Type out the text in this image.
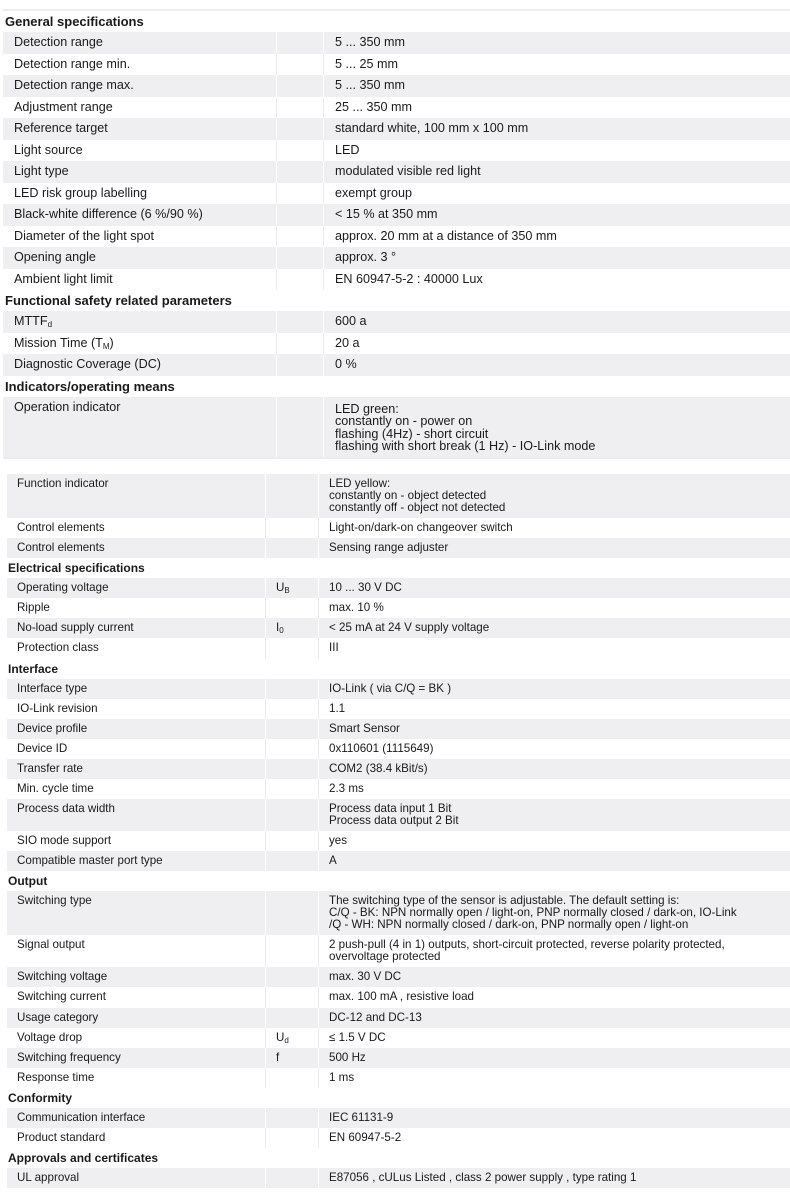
General specifications		
Detection range		5 ... 350 mm

Detection range min.		5 ... 25 mm

Detection range max.		5 ... 350 mm

Adjustment range		25 ... 350 mm

Reference target		standard white, 100 mm x 100 mm

Light source		LED

Light type		modulated visible red light

LED risk group labelling		exempt group

Black-white difference (6 %/90 %)		< 15 % at 350 mm

Diameter of the light spot		approx. 20 mm at a distance of 350 mm

Opening angle		approx. 3 °

Ambient light limit		EN 60947-5-2 : 40000 Lux

Functional safety related parameters		
$MTTF_d$		600 a

Mission Time $(T_M)$		20 a

Diagnostic Coverage (DC)		0 %

Indicators/operating means		
Operation indicator		LED green:
constantly on - power on
flashing (4Hz) - short circuit
flashing with short break (1 Hz) - IO-Link mode
Function indicator		LED yellow:
constantly on - object detected
constantly off - object not detected

Control elements		Light-on/dark-on changeover switch

Control elements		Sensing range adjuster

Electrical specifications		
Operating voltage	$U_B$	10 ... 30 V DC

Ripple		max. 10 %

No-load supply current	$I_0$	< 25 mA at 24 V supply voltage

Protection class		III

Interface		
Interface type		IO-Link ( via C/Q = BK )

IO-Link revision		1.1

Device profile		Smart Sensor

Device ID		0x110601 (1115649)

Transfer rate		COM2 (38.4 kBit/s)

Min. cycle time		2.3 ms

Process data width		Process data input 1 Bit
Process data output 2 Bit

SIO mode support		yes

Compatible master port type		A

Output		
Switching type		The switching type of the sensor is adjustable. The default setting is:
C/Q - BK: NPN normally open / light-on, PNP normally closed / dark-on, IO-Link
/Q - WH: NPN normally closed / dark-on, PNP normally open / light-on

Signal output		2 push-pull (4 in 1) outputs, short-circuit protected, reverse polarity protected,
overvoltage protected

Switching voltage		max. 30 V DC

Switching current		max. 100 mA , resistive load

Usage category		DC-12 and DC-13

Voltage drop	$U_d$	≤ 1.5 V DC

Switching frequency	f	500 Hz

Response time		1 ms

Conformity		
Communication interface		IEC 61131-9

Product standard		EN 60947-5-2

Approvals and certificates		
UL approval		E87056 , cULus Listed , class 2 power supply , type rating 1
